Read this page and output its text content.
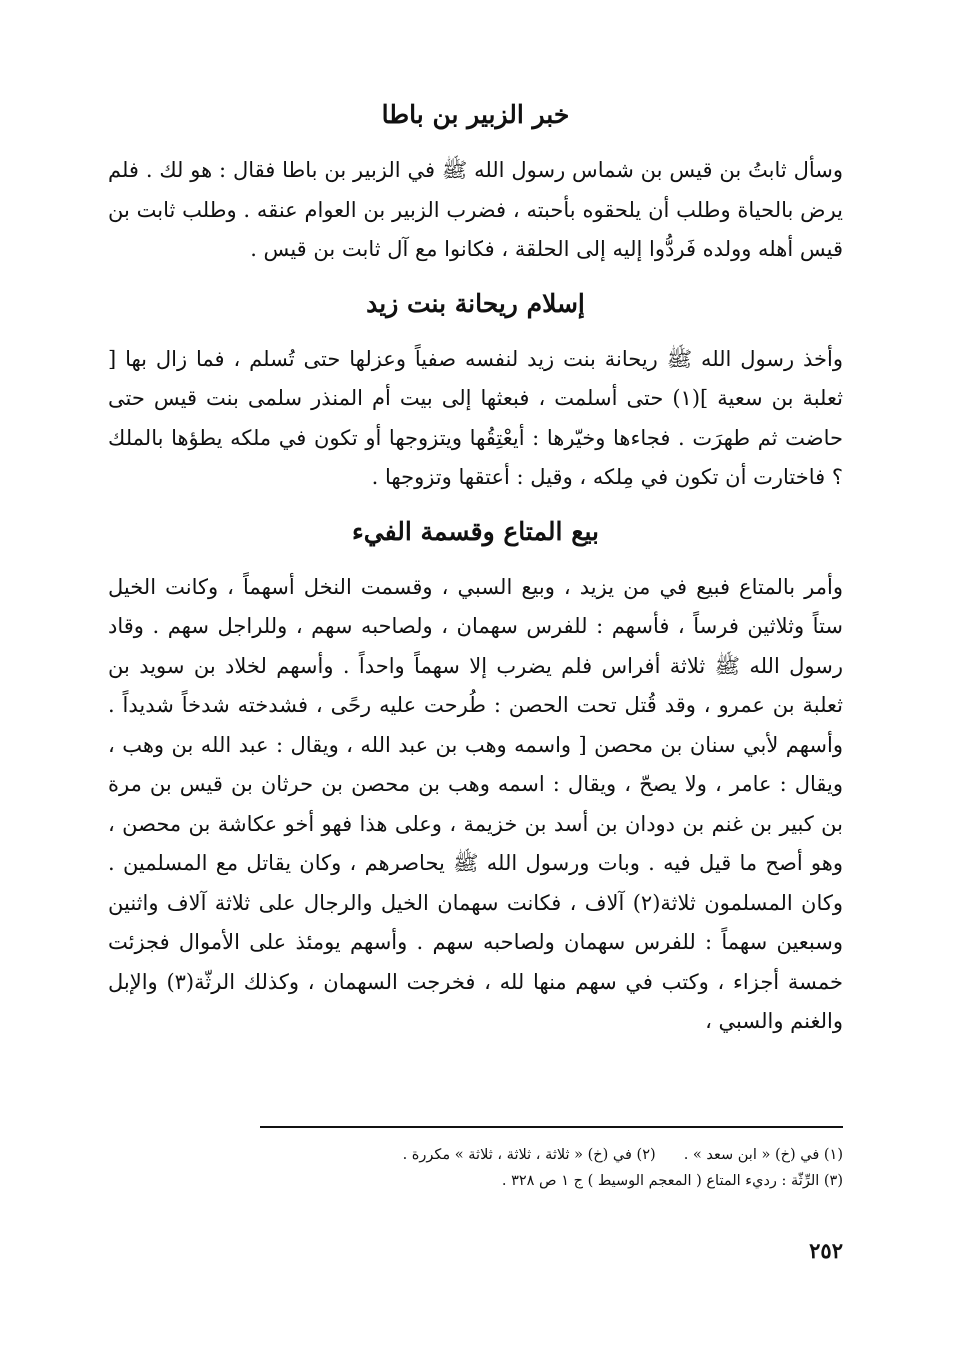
خبر الزبير بن باطا

وسأل ثابتُ بن قيس بن شماس رسول الله ﷺ في الزبير بن باطا فقال : هو لك . فلم يرض بالحياة وطلب أن يلحقوه بأحبته ، فضرب الزبير بن العوام عنقه . وطلب ثابت بن قيس أهله وولده فَردُّوا إليه إلى الحلقة ، فكانوا مع آل ثابت بن قيس .

إسلام ريحانة بنت زيد

وأخذ رسول الله ﷺ ريحانة بنت زيد لنفسه صفياً وعزلها حتى تُسلم ، فما زال بها [ ثعلبة بن سعية ](١) حتى أسلمت ، فبعثها إلى بيت أم المنذر سلمى بنت قيس حتى حاضت ثم طهرَت . فجاءها وخيّرها : أيعْتِقُها ويتزوجها أو تكون في ملكه يطؤها بالملك ؟ فاختارت أن تكون في مِلكه ، وقيل : أعتقها وتزوجها .

بيع المتاع وقسمة الفيء

وأمر بالمتاع فبيع في من يزيد ، وبيع السبي ، وقسمت النخل أسهماً ، وكانت الخيل ستاً وثلاثين فرساً ، فأسهم : للفرس سهمان ، ولصاحبه سهم ، وللراجل سهم . وقاد رسول الله ﷺ ثلاثة أفراس فلم يضرب إلا سهماً واحداً . وأسهم لخلاد بن سويد بن ثعلبة بن عمرو ، وقد قُتل تحت الحصن : طُرحت عليه رحًى ، فشدخته شدخاً شديداً . وأسهم لأبي سنان بن محصن [ واسمه وهب بن عبد الله ، ويقال : عبد الله بن وهب ، ويقال : عامر ، ولا يصحّ ، ويقال : اسمه وهب بن محصن بن حرثان بن قيس بن مرة بن كبير بن غنم بن دودان بن أسد بن خزيمة ، وعلى هذا فهو أخو عكاشة بن محصن ، وهو أصح ما قيل فيه . وبات ورسول الله ﷺ يحاصرهم ، وكان يقاتل مع المسلمين . وكان المسلمون ثلاثة(٢) آلاف ، فكانت سهمان الخيل والرجال على ثلاثة آلاف واثنين وسبعين سهماً : للفرس سهمان ولصاحبه سهم . وأسهم يومئذ على الأموال فجزئت خمسة أجزاء ، وكتب في سهم منها لله ، فخرجت السهمان ، وكذلك الرثّة(٣) والإبل والغنم والسبي ،

(١) في (خ) « ابن سعد » .(٢) في (خ) « ثلاثة ، ثلاثة ، ثلاثة » مكررة .
(٣) الرِّثّة : رديء المتاع ( المعجم الوسيط ) ج ١ ص ٣٢٨ .
٢٥٢
